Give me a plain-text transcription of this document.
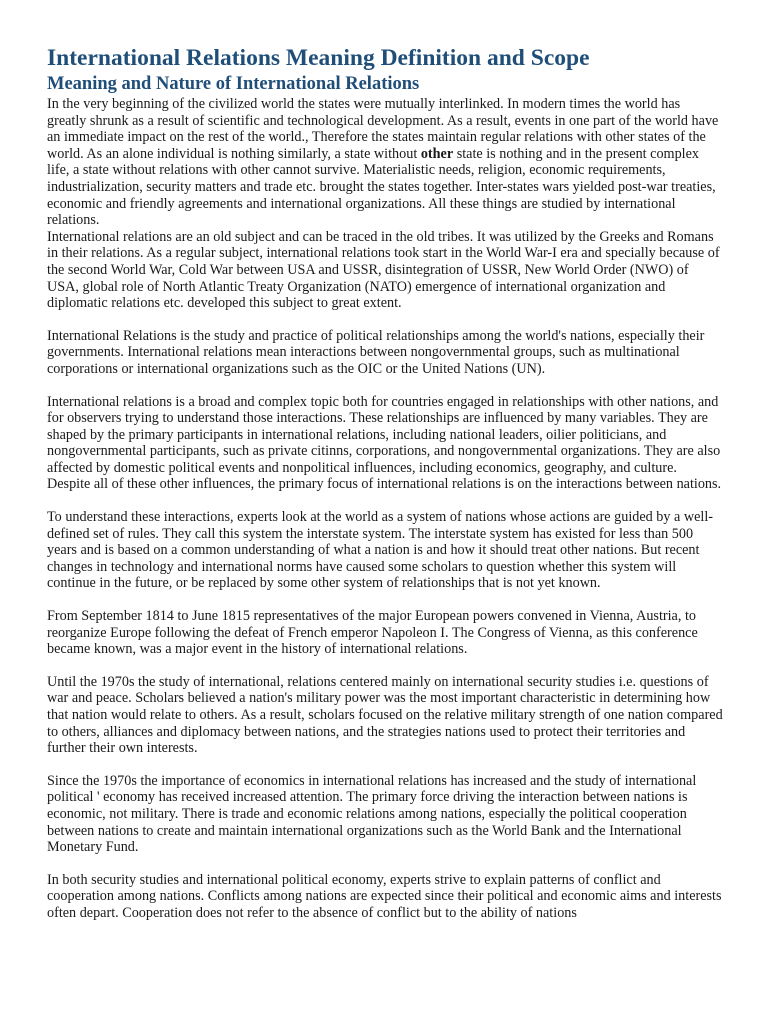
International Relations Meaning Definition and Scope
Meaning and Nature of International Relations

In the very beginning of the civilized world the states were mutually interlinked. In modern times the world has greatly shrunk as a result of scientific and technological development. As a result, events in one part of the world have an immediate impact on the rest of the world., Therefore the states maintain regular relations with other states of the world. As an alone individual is nothing similarly, a state without other state is nothing and in the present complex life, a state without relations with other cannot survive. Materialistic needs, religion, economic requirements, industrialization, security matters and trade etc. brought the states together. Inter-states wars yielded post-war treaties, economic and friendly agreements and international organizations. All these things are studied by international relations.

International relations are an old subject and can be traced in the old tribes. It was utilized by the Greeks and Romans in their relations. As a regular subject, international relations took start in the World War-I era and specially because of the second World War, Cold War between USA and USSR, disintegration of USSR, New World Order (NWO) of USA, global role of North Atlantic Treaty Organization (NATO) emergence of international organization and diplomatic relations etc. developed this subject to great extent.

International Relations is the study and practice of political relationships among the world's nations, especially their governments. International relations mean interactions between nongovernmental groups, such as multinational corporations or international organizations such as the OIC or the United Nations (UN).

International relations is a broad and complex topic both for countries engaged in relationships with other nations, and for observers trying to understand those interactions. These relationships are influenced by many variables. They are shaped by the primary participants in international relations, including national leaders, oilier politicians, and nongovernmental participants, such as private citinns, corporations, and nongovernmental organizations. They are also affected by domestic political events and nonpolitical influences, including economics, geography, and culture. Despite all of these other influences, the primary focus of international relations is on the interactions between nations.

To understand these interactions, experts look at the world as a system of nations whose actions are guided by a well-defined set of rules. They call this system the interstate system. The interstate system has existed for less than 500 years and is based on a common understanding of what a nation is and how it should treat other nations. But recent changes in technology and international norms have caused some scholars to question whether this system will continue in the future, or be replaced by some other system of relationships that is not yet known.

From September 1814 to June 1815 representatives of the major European powers convened in Vienna, Austria, to reorganize Europe following the defeat of French emperor Napoleon I. The Congress of Vienna, as this conference became known, was a major event in the history of international relations.

Until the 1970s the study of international, relations centered mainly on international security studies i.e. questions of war and peace. Scholars believed a nation's military power was the most important characteristic in determining how that nation would relate to others. As a result, scholars focused on the relative military strength of one nation compared to others, alliances and diplomacy between nations, and the strategies nations used to protect their territories and further their own interests.

Since the 1970s the importance of economics in international relations has increased and the study of international political ' economy has received increased attention. The primary force driving the interaction between nations is economic, not military. There is trade and economic relations among nations, especially the political cooperation between nations to create and maintain international organizations such as the World Bank and the International Monetary Fund.

In both security studies and international political economy, experts strive to explain patterns of conflict and cooperation among nations. Conflicts among nations are expected since their political and economic aims and interests often depart. Cooperation does not refer to the absence of conflict but to the ability of nations
